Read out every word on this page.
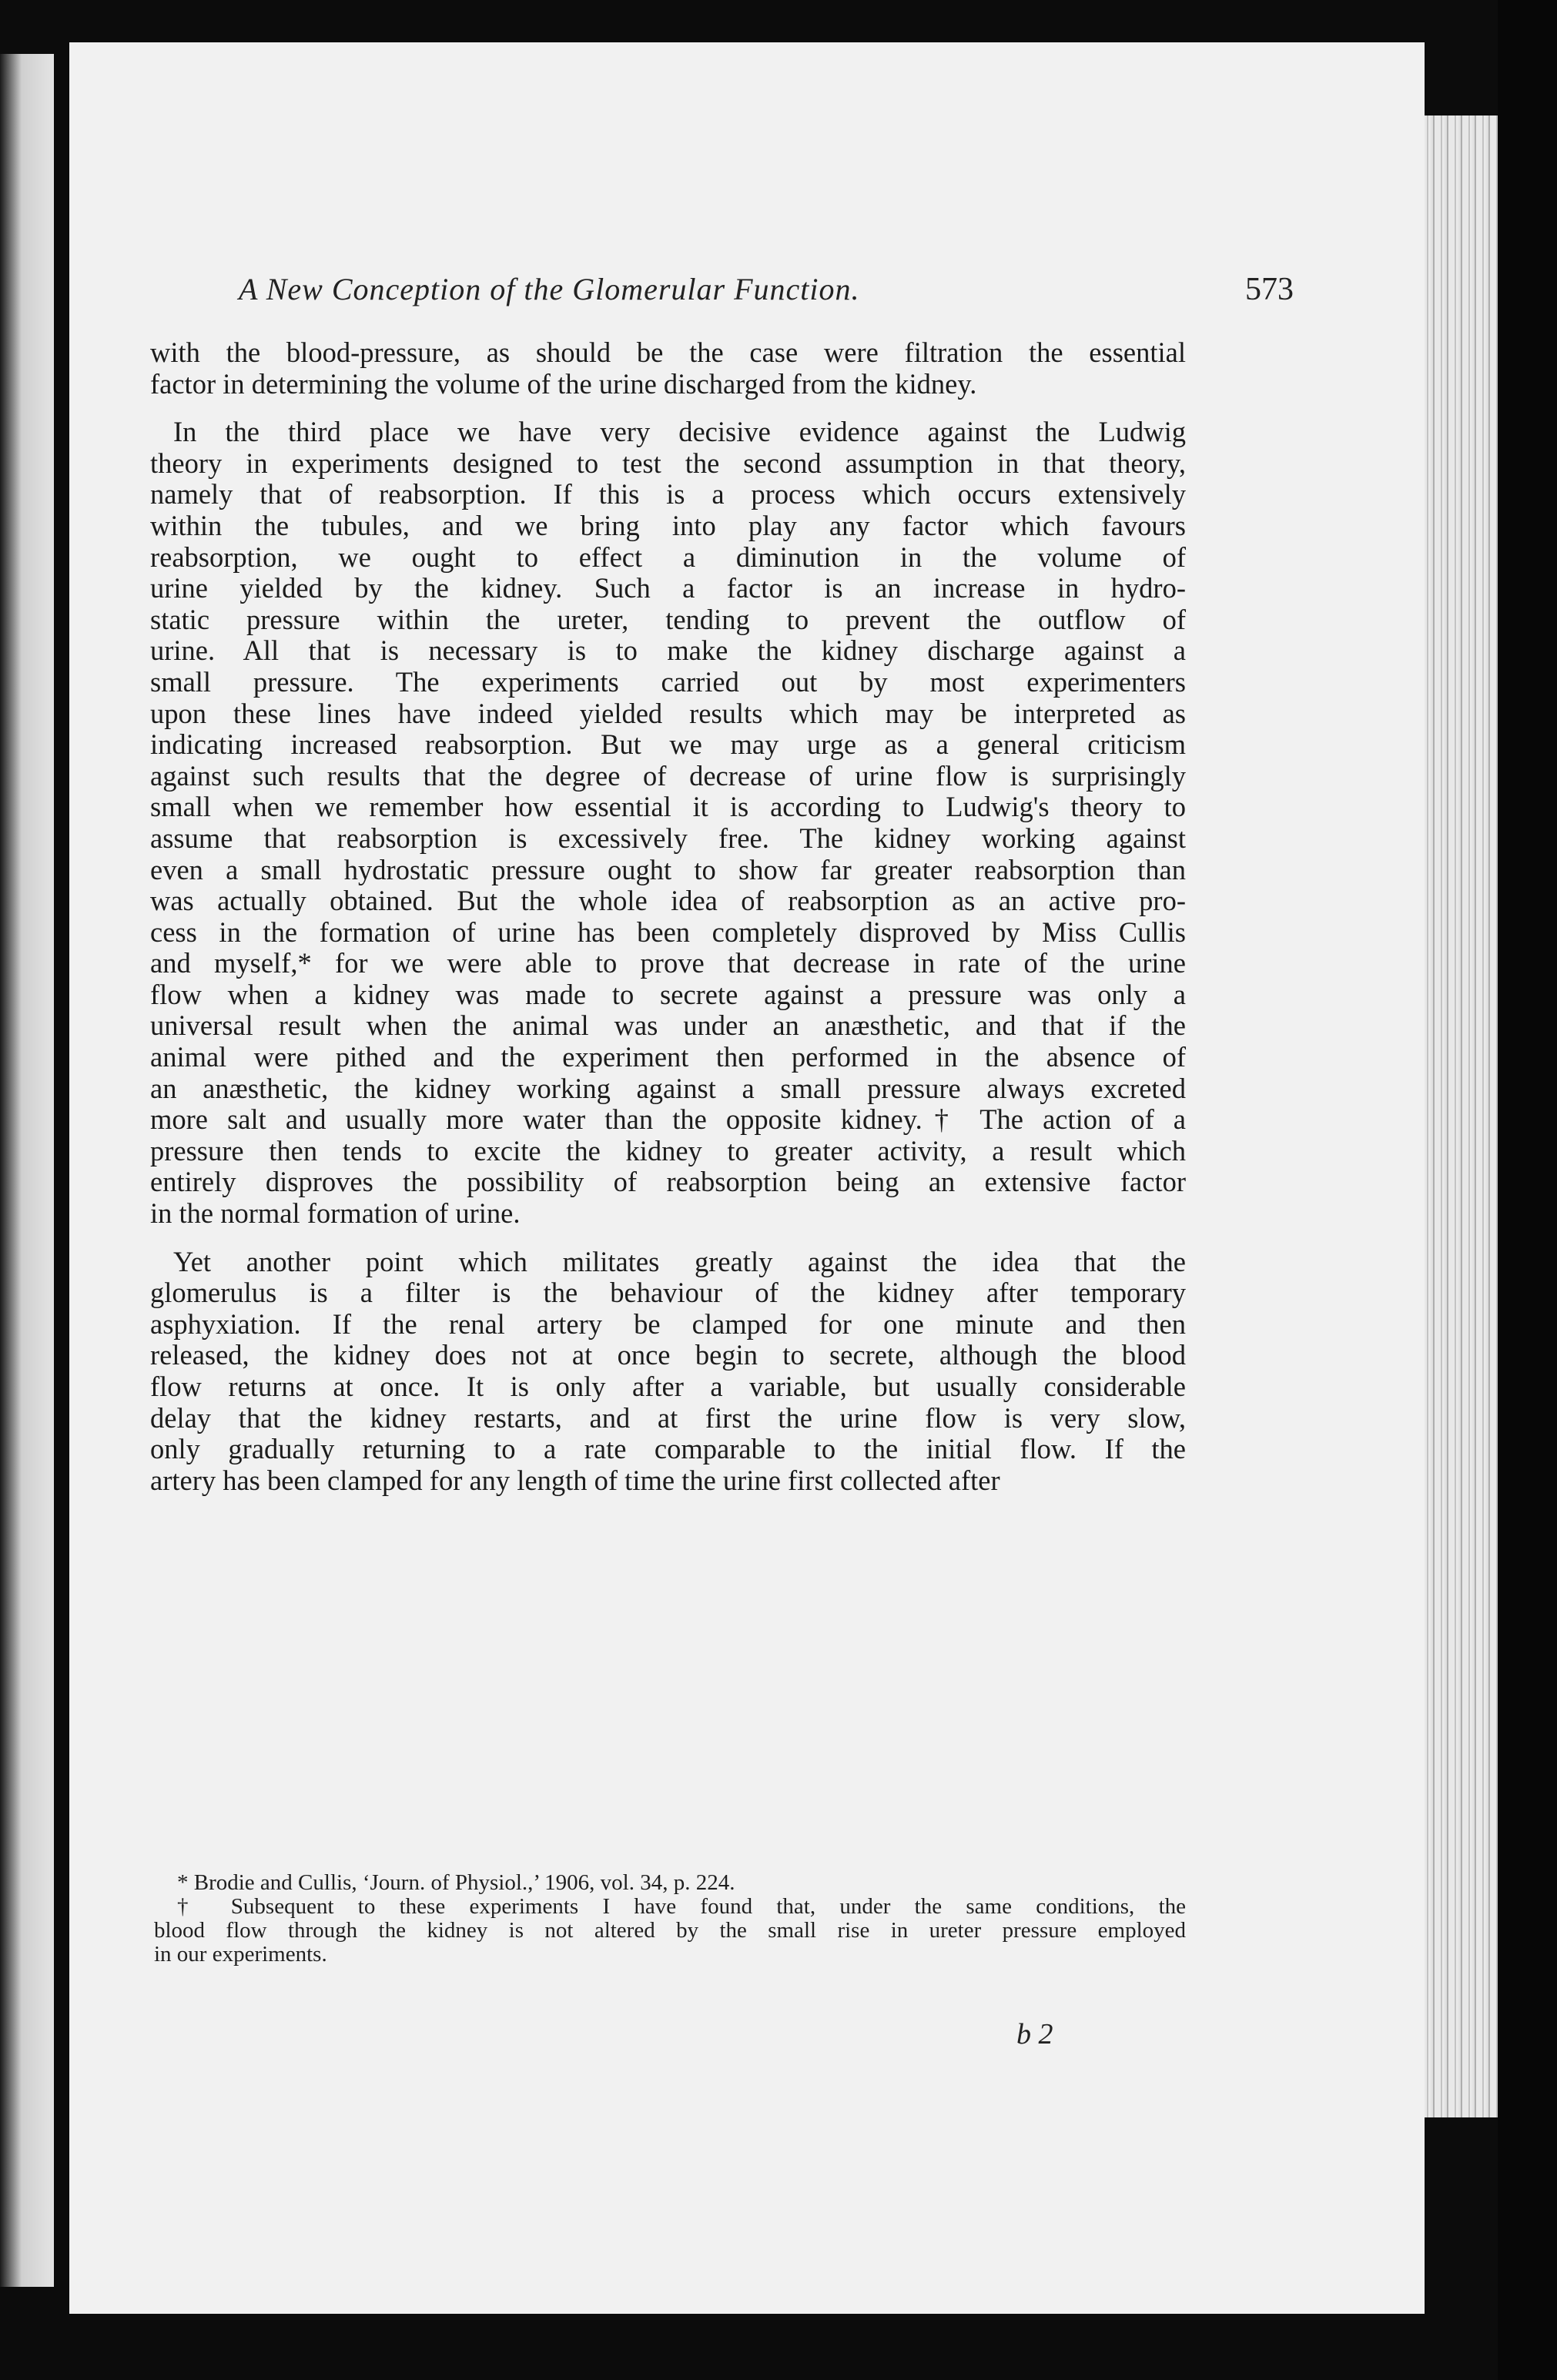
A New Conception of the Glomerular Function.	573

with the blood-pressure, as should be the case were filtration the essential
factor in determining the volume of the urine discharged from the kidney.

In the third place we have very decisive evidence against the Ludwig
theory in experiments designed to test the second assumption in that theory,
namely that of reabsorption. If this is a process which occurs extensively
within the tubules, and we bring into play any factor which favours
reabsorption, we ought to effect a diminution in the volume of
urine yielded by the kidney. Such a factor is an increase in hydro-
static pressure within the ureter, tending to prevent the outflow of
urine. All that is necessary is to make the kidney discharge against a
small pressure. The experiments carried out by most experimenters
upon these lines have indeed yielded results which may be interpreted as
indicating increased reabsorption. But we may urge as a general criticism
against such results that the degree of decrease of urine flow is surprisingly
small when we remember how essential it is according to Ludwig's theory to
assume that reabsorption is excessively free. The kidney working against
even a small hydrostatic pressure ought to show far greater reabsorption than
was actually obtained. But the whole idea of reabsorption as an active pro-
cess in the formation of urine has been completely disproved by Miss Cullis
and myself,* for we were able to prove that decrease in rate of the urine
flow when a kidney was made to secrete against a pressure was only a
universal result when the animal was under an anæsthetic, and that if the
animal were pithed and the experiment then performed in the absence of
an anæsthetic, the kidney working against a small pressure always excreted
more salt and usually more water than the opposite kidney.† The action of a
pressure then tends to excite the kidney to greater activity, a result which
entirely disproves the possibility of reabsorption being an extensive factor
in the normal formation of urine.

Yet another point which militates greatly against the idea that the
glomerulus is a filter is the behaviour of the kidney after temporary
asphyxiation. If the renal artery be clamped for one minute and then
released, the kidney does not at once begin to secrete, although the blood
flow returns at once. It is only after a variable, but usually considerable
delay that the kidney restarts, and at first the urine flow is very slow,
only gradually returning to a rate comparable to the initial flow. If the
artery has been clamped for any length of time the urine first collected after

* Brodie and Cullis, ‘Journ. of Physiol.,’ 1906, vol. 34, p. 224.
† Subsequent to these experiments I have found that, under the same conditions, the
blood flow through the kidney is not altered by the small rise in ureter pressure employed
in our experiments.
b 2
